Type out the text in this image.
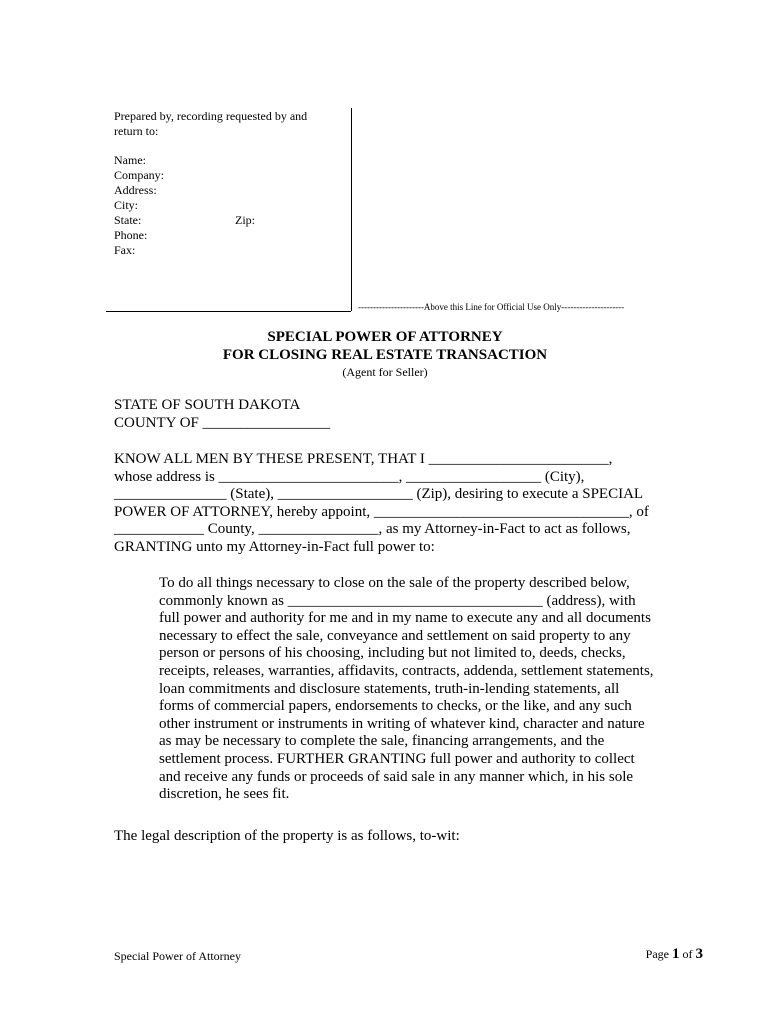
Prepared by, recording requested by and
return to:
Name:
Company:
Address:
City:
State:	Zip:
Phone:
Fax:
----------------------Above this Line for Official Use Only---------------------
SPECIAL POWER OF ATTORNEY
FOR CLOSING REAL ESTATE TRANSACTION
(Agent for Seller)
STATE OF SOUTH DAKOTA
COUNTY OF _________________
KNOW ALL MEN BY THESE PRESENT, THAT I ________________________,
whose address is ________________________, __________________ (City),
_______________ (State), __________________ (Zip), desiring to execute a SPECIAL
POWER OF ATTORNEY, hereby appoint, __________________________________, of
____________ County, ________________, as my Attorney-in-Fact to act as follows,
GRANTING unto my Attorney-in-Fact full power to:
To do all things necessary to close on the sale of the property described below,
commonly known as __________________________________ (address), with
full power and authority for me and in my name to execute any and all documents
necessary to effect the sale, conveyance and settlement on said property to any
person or persons of his choosing, including but not limited to, deeds, checks,
receipts, releases, warranties, affidavits, contracts, addenda, settlement statements,
loan commitments and disclosure statements, truth-in-lending statements, all
forms of commercial papers, endorsements to checks, or the like, and any such
other instrument or instruments in writing of whatever kind, character and nature
as may be necessary to complete the sale, financing arrangements, and the
settlement process. FURTHER GRANTING full power and authority to collect
and receive any funds or proceeds of said sale in any manner which, in his sole
discretion, he sees fit.
The legal description of the property is as follows, to-wit:
Special Power of Attorney	Page 1 of 3
